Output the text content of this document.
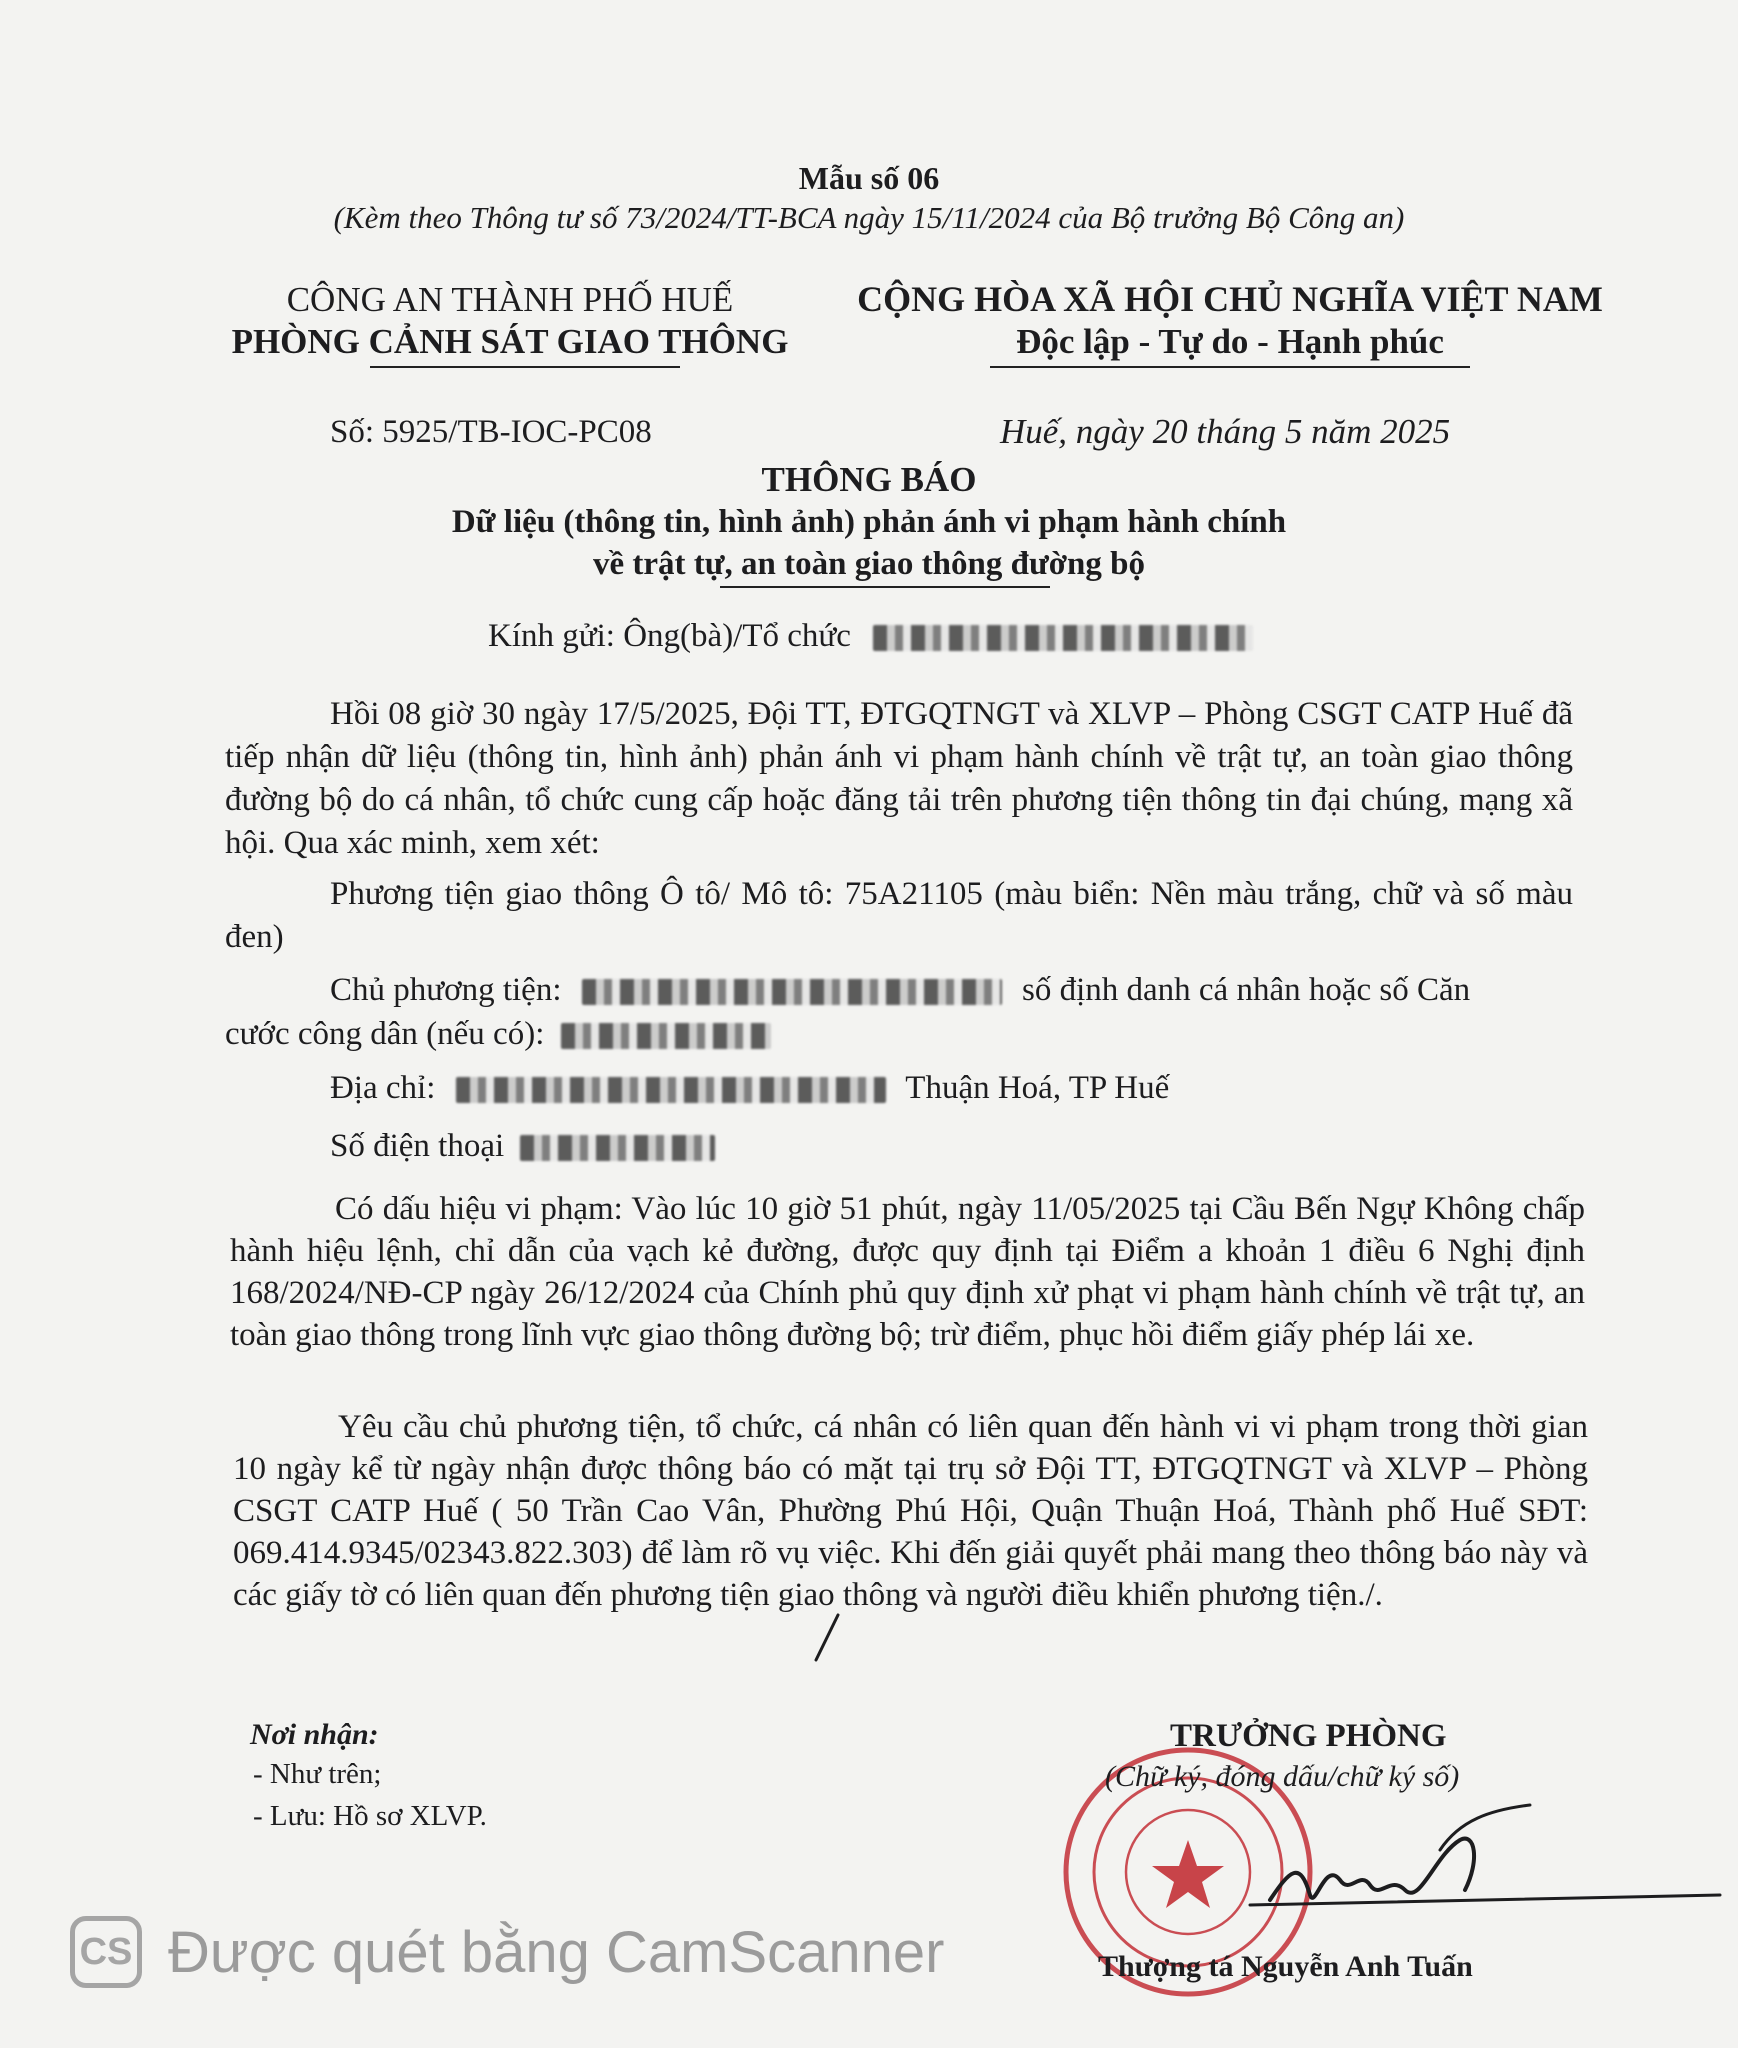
Mẫu số 06
(Kèm theo Thông tư số 73/2024/TT-BCA ngày 15/11/2024 của Bộ trưởng Bộ Công an)
CÔNG AN THÀNH PHỐ HUẾ
PHÒNG CẢNH SÁT GIAO THÔNG
CỘNG HÒA XÃ HỘI CHỦ NGHĨA VIỆT NAM
Độc lập - Tự do - Hạnh phúc
Số: 5925/TB-IOC-PC08	Huế, ngày 20 tháng 5 năm 2025
THÔNG BÁO
Dữ liệu (thông tin, hình ảnh) phản ánh vi phạm hành chính
về trật tự, an toàn giao thông đường bộ
Kính gửi: Ông(bà)/Tổ chức
Hồi 08 giờ 30 ngày 17/5/2025, Đội TT, ĐTGQTNGT và XLVP – Phòng CSGT CATP Huế đã tiếp nhận dữ liệu (thông tin, hình ảnh) phản ánh vi phạm hành chính về trật tự, an toàn giao thông đường bộ do cá nhân, tổ chức cung cấp hoặc đăng tải trên phương tiện thông tin đại chúng, mạng xã hội. Qua xác minh, xem xét:
Phương tiện giao thông Ô tô/ Mô tô: 75A21105 (màu biển: Nền màu trắng, chữ và số màu đen)
Chủ phương tiện:	số định danh cá nhân hoặc số Căn
cước công dân (nếu có):
Địa chỉ:	Thuận Hoá, TP Huế
Số điện thoại
Có dấu hiệu vi phạm: Vào lúc 10 giờ 51 phút, ngày 11/05/2025 tại Cầu Bến Ngự Không chấp hành hiệu lệnh, chỉ dẫn của vạch kẻ đường, được quy định tại Điểm a khoản 1 điều 6 Nghị định 168/2024/NĐ-CP ngày 26/12/2024 của Chính phủ quy định xử phạt vi phạm hành chính về trật tự, an toàn giao thông trong lĩnh vực giao thông đường bộ; trừ điểm, phục hồi điểm giấy phép lái xe.
Yêu cầu chủ phương tiện, tổ chức, cá nhân có liên quan đến hành vi vi phạm trong thời gian 10 ngày kể từ ngày nhận được thông báo có mặt tại trụ sở Đội TT, ĐTGQTNGT và XLVP – Phòng CSGT CATP Huế ( 50 Trần Cao Vân, Phường Phú Hội, Quận Thuận Hoá, Thành phố Huế SĐT: 069.414.9345/02343.822.303) để làm rõ vụ việc. Khi đến giải quyết phải mang theo thông báo này và các giấy tờ có liên quan đến phương tiện giao thông và người điều khiển phương tiện./.
Nơi nhận:
- Như trên;
- Lưu: Hồ sơ XLVP.
TRƯỞNG PHÒNG
(Chữ ký, đóng dấu/chữ ký số)
Thượng tá Nguyễn Anh Tuấn
CS Được quét bằng CamScanner
